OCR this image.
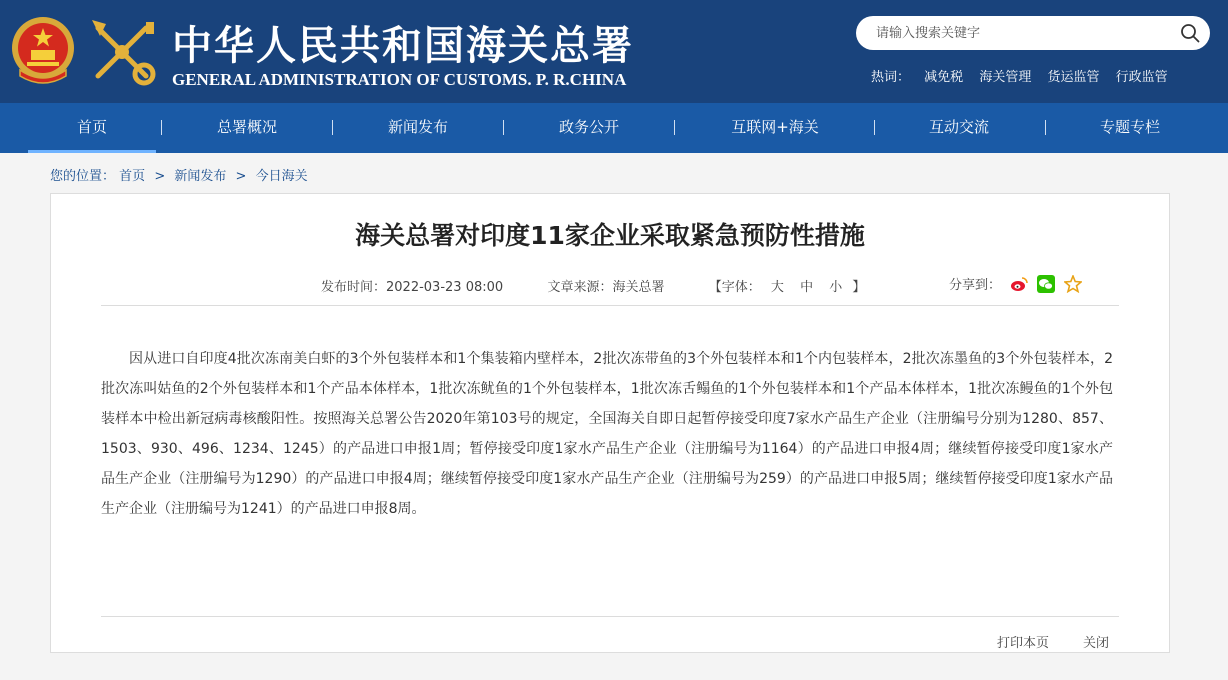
中华人民共和国海关总署
GENERAL ADMINISTRATION OF CUSTOMS. P. R.CHINA
请输入搜索关键字	热词： 减免税 海关管理 货运监管 行政监管
首页	总署概况	新闻发布	政务公开	互联网+海关	互动交流	专题专栏
您的位置： 首页 > 新闻发布 > 今日海关
海关总署对印度11家企业采取紧急预防性措施
发布时间：2022-03-23 08:00	文章来源：海关总署	【字体： 大 中 小 】	分享到：

因从进口自印度4批次冻南美白虾的3个外包装样本和1个集装箱内壁样本，2批次冻带鱼的3个外包装样本和1个内包装样本，2批次冻墨鱼的3个外包装样本，2批次冻叫姑鱼的2个外包装样本和1个产品本体样本，1批次冻鱿鱼的1个外包装样本，1批次冻舌鳎鱼的1个外包装样本和1个产品本体样本，1批次冻鳗鱼的1个外包装样本中检出新冠病毒核酸阳性。按照海关总署公告2020年第103号的规定，全国海关自即日起暂停接受印度7家水产品生产企业（注册编号分别为1280、857、1503、930、496、1234、1245）的产品进口申报1周；暂停接受印度1家水产品生产企业（注册编号为1164）的产品进口申报4周；继续暂停接受印度1家水产品生产企业（注册编号为1290）的产品进口申报4周；继续暂停接受印度1家水产品生产企业（注册编号为259）的产品进口申报5周；继续暂停接受印度1家水产品生产企业（注册编号为1241）的产品进口申报8周。

打印本页	关闭
